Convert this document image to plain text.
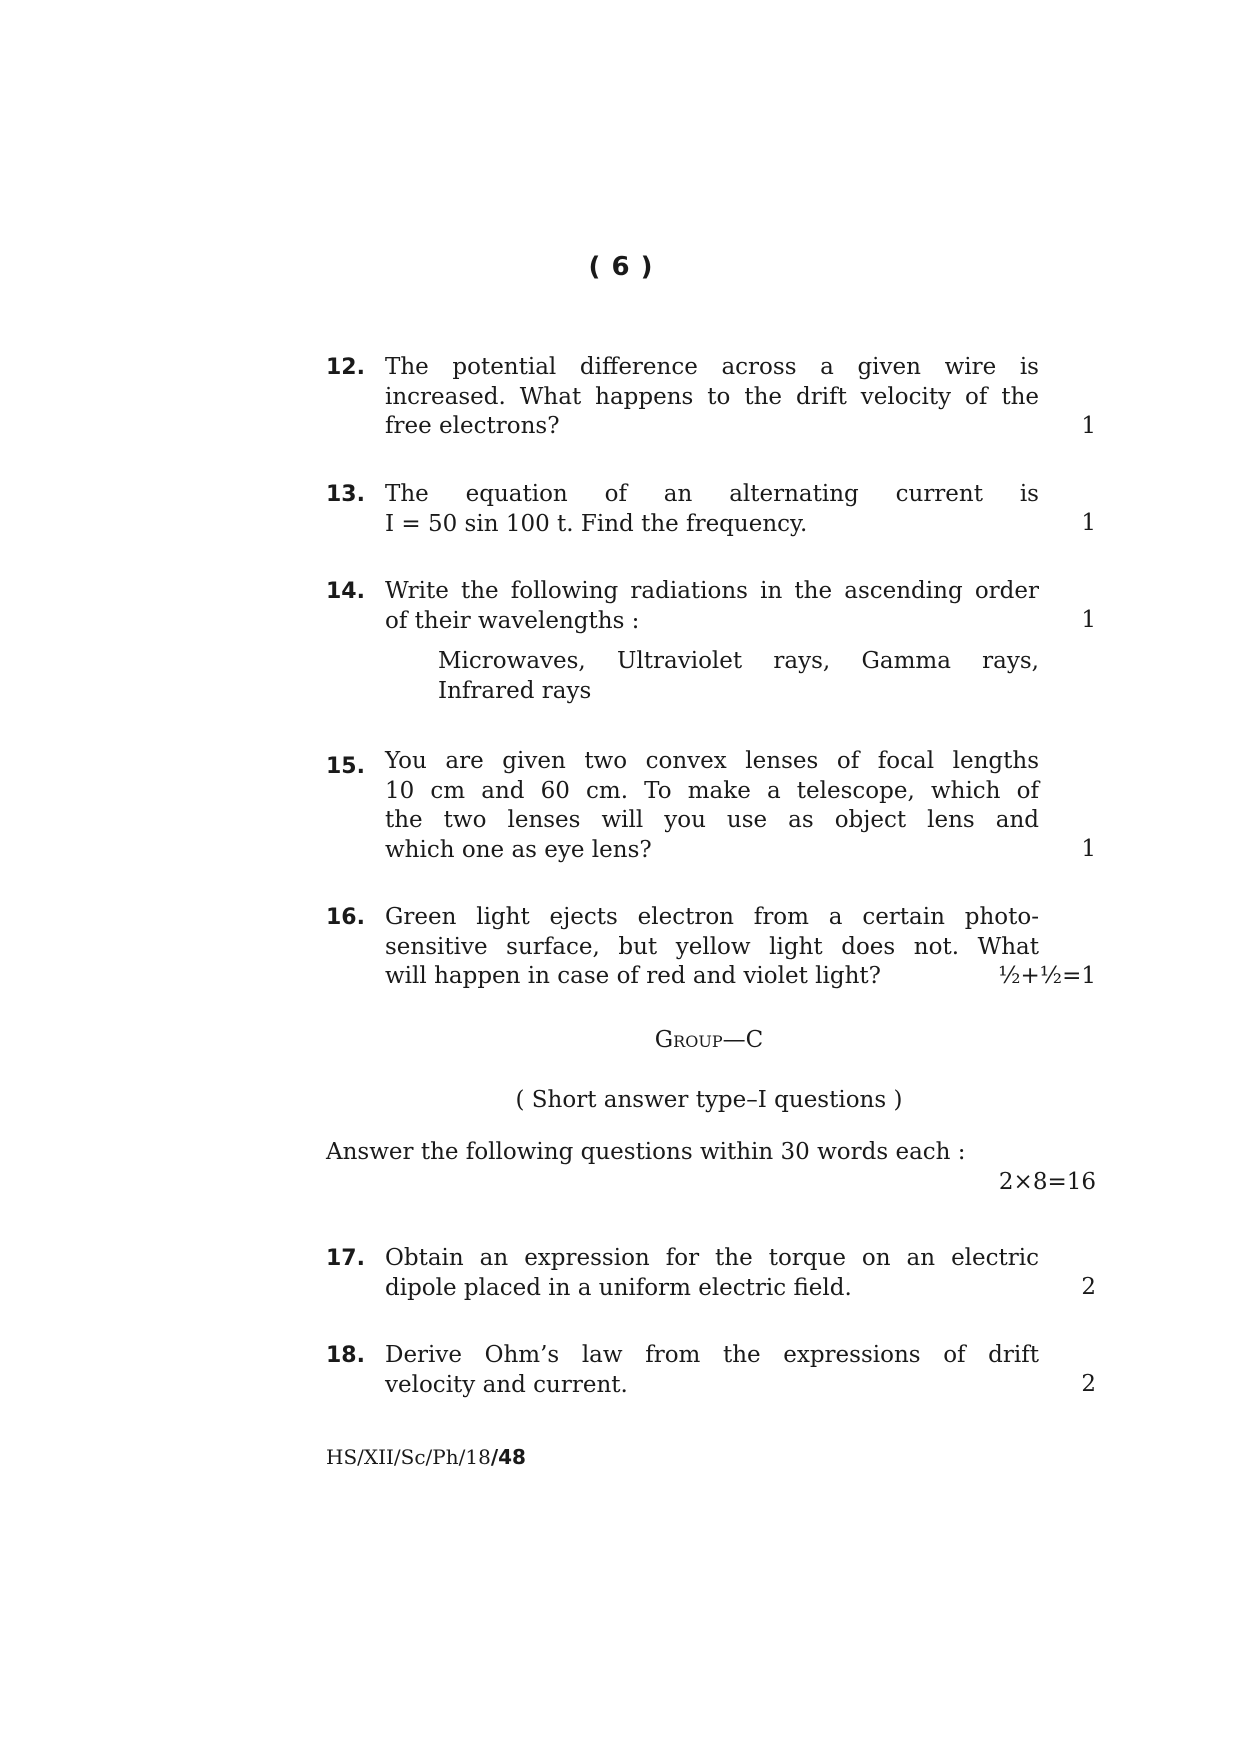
( 6 )
12. The potential difference across a given wire is
increased. What happens to the drift velocity of the
free electrons?	1
13. The equation of an alternating current is
I = 50 sin 100 t. Find the frequency.	1
14. Write the following radiations in the ascending order
of their wavelengths :	1
Microwaves, Ultraviolet rays, Gamma rays,
Infrared rays
15. You are given two convex lenses of focal lengths
10 cm and 60 cm. To make a telescope, which of
the two lenses will you use as object lens and
which one as eye lens?	1
16. Green light ejects electron from a certain photo-
sensitive surface, but yellow light does not. What
will happen in case of red and violet light?	½+½=1
Group—C
( Short answer type–I questions )
Answer the following questions within 30 words each :
2×8=16
17. Obtain an expression for the torque on an electric
dipole placed in a uniform electric field.	2
18. Derive Ohm’s law from the expressions of drift
velocity and current.	2
HS/XII/Sc/Ph/18/48
